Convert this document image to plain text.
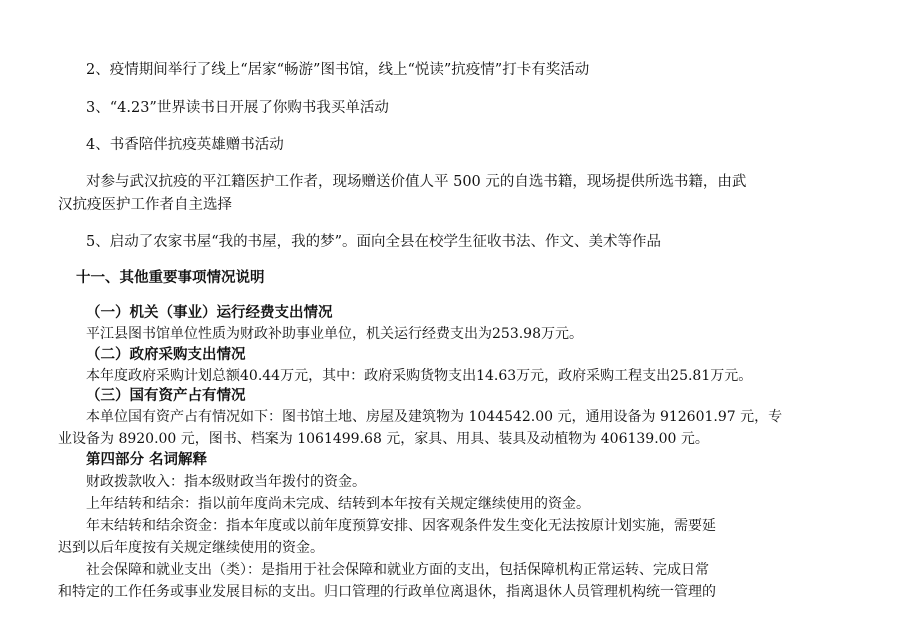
2、疫情期间举行了线上“居家“畅游”图书馆，线上“悦读”抗疫情”打卡有奖活动
3、“4.23”世界读书日开展了你购书我买单活动
4、书香陪伴抗疫英雄赠书活动
对参与武汉抗疫的平江籍医护工作者，现场赠送价值人平 500 元的自选书籍，现场提供所选书籍，由武
汉抗疫医护工作者自主选择
5、启动了农家书屋“我的书屋，我的梦”。面向全县在校学生征收书法、作文、美术等作品
十一、其他重要事项情况说明
（一）机关（事业）运行经费支出情况
平江县图书馆单位性质为财政补助事业单位，机关运行经费支出为253.98万元。
（二）政府采购支出情况
本年度政府采购计划总额40.44万元，其中：政府采购货物支出14.63万元，政府采购工程支出25.81万元。
（三）国有资产占有情况
本单位国有资产占有情况如下：图书馆土地、房屋及建筑物为 1044542.00 元，通用设备为 912601.97 元，专
业设备为 8920.00 元，图书、档案为 1061499.68 元，家具、用具、装具及动植物为 406139.00 元。
第四部分 名词解释
财政拨款收入：指本级财政当年拨付的资金。
上年结转和结余：指以前年度尚未完成、结转到本年按有关规定继续使用的资金。
年末结转和结余资金：指本年度或以前年度预算安排、因客观条件发生变化无法按原计划实施，需要延
迟到以后年度按有关规定继续使用的资金。
社会保障和就业支出（类）：是指用于社会保障和就业方面的支出，包括保障机构正常运转、完成日常
和特定的工作任务或事业发展目标的支出。归口管理的行政单位离退休，指离退休人员管理机构统一管理的
